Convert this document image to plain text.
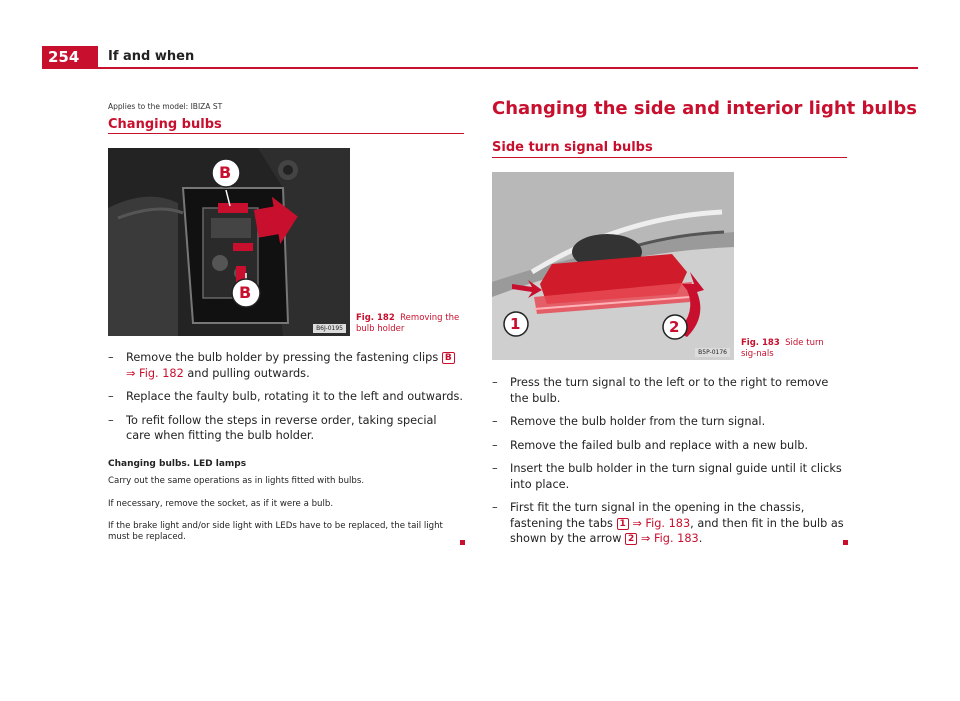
254	If and when
Applies to the model: IBIZA ST
Changing bulbs
B
B
B6J-0195
Fig. 182 Removing the bulb holder
– Remove the bulb holder by pressing the fastening clips B
⇒ Fig. 182 and pulling outwards.
– Replace the faulty bulb, rotating it to the left and outwards.
– To refit follow the steps in reverse order, taking special care when fitting the bulb holder.
Changing bulbs. LED lamps
Carry out the same operations as in lights fitted with bulbs.
If necessary, remove the socket, as if it were a bulb.
If the brake light and/or side light with LEDs have to be replaced, the tail light must be replaced.
Changing the side and interior light bulbs
Side turn signal bulbs
1	2
B5P-0176
Fig. 183 Side turn sig-nals
– Press the turn signal to the left or to the right to remove the bulb.
– Remove the bulb holder from the turn signal.
– Remove the failed bulb and replace with a new bulb.
– Insert the bulb holder in the turn signal guide until it clicks into place.
– First fit the turn signal in the opening in the chassis, fastening the tabs 1 ⇒ Fig. 183, and then fit in the bulb as shown by the arrow 2 ⇒ Fig. 183.
